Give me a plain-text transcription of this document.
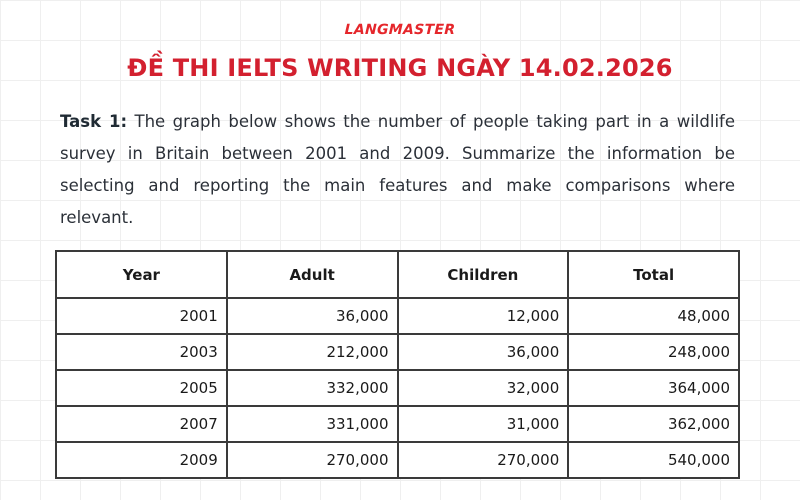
LANGMASTER
ĐỀ THI IELTS WRITING NGÀY 14.02.2026

Task 1: The graph below shows the number of people taking part in a wildlife survey in Britain between 2001 and 2009. Summarize the information be selecting and reporting the main features and make comparisons where relevant.

Year	Adult	Children	Total
2001	36,000	12,000	48,000
2003	212,000	36,000	248,000
2005	332,000	32,000	364,000
2007	331,000	31,000	362,000
2009	270,000	270,000	540,000
